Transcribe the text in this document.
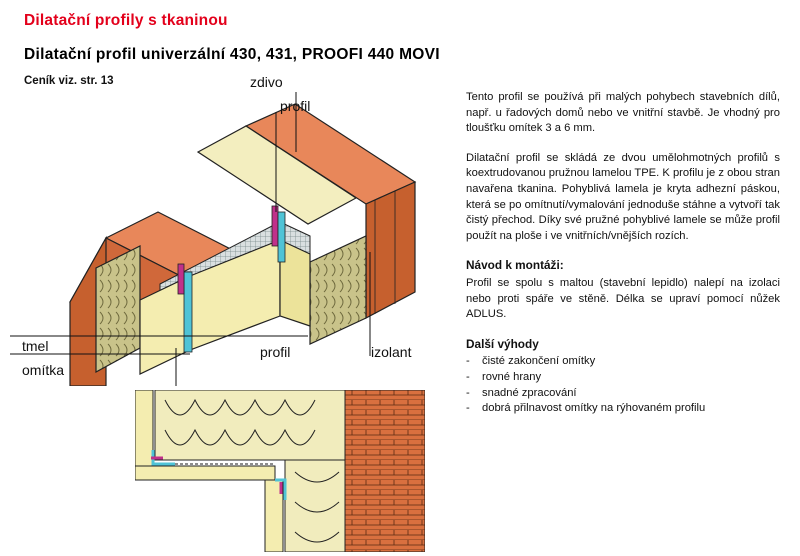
Dilatační profily s tkaninou
Dilatační profil univerzální 430, 431, PROOFI 440 MOVI
Ceník viz. str. 13	zdivo
profil
tmel
omítka
profil	izolant

Tento profil se používá při malých pohybech stavebních dílů, např. u řadových domů nebo ve vnitřní stavbě. Je vhodný pro tloušťku omítek 3 a 6 mm.

Dilatační profil se skládá ze dvou umělohmotných profilů s koextrudovanou pružnou lamelou TPE. K profilu je z obou stran navařena tkanina. Pohyblivá lamela je kryta adhezní páskou, která se po omítnutí/vymalování jednoduše stáhne a vytvoří tak čistý přechod. Díky své pružné pohyblivé lamele se může profil použít na ploše i ve vnitřních/vnějších rozích.

Návod k montáži:

Profil se spolu s maltou (stavební lepidlo) nalepí na izolaci nebo proti spáře ve stěně. Délka se upraví pomocí nůžek ADLUS.

Další výhody
- čisté zakončení omítky
- rovné hrany
- snadné zpracování
- dobrá přilnavost omítky na rýhovaném profilu
